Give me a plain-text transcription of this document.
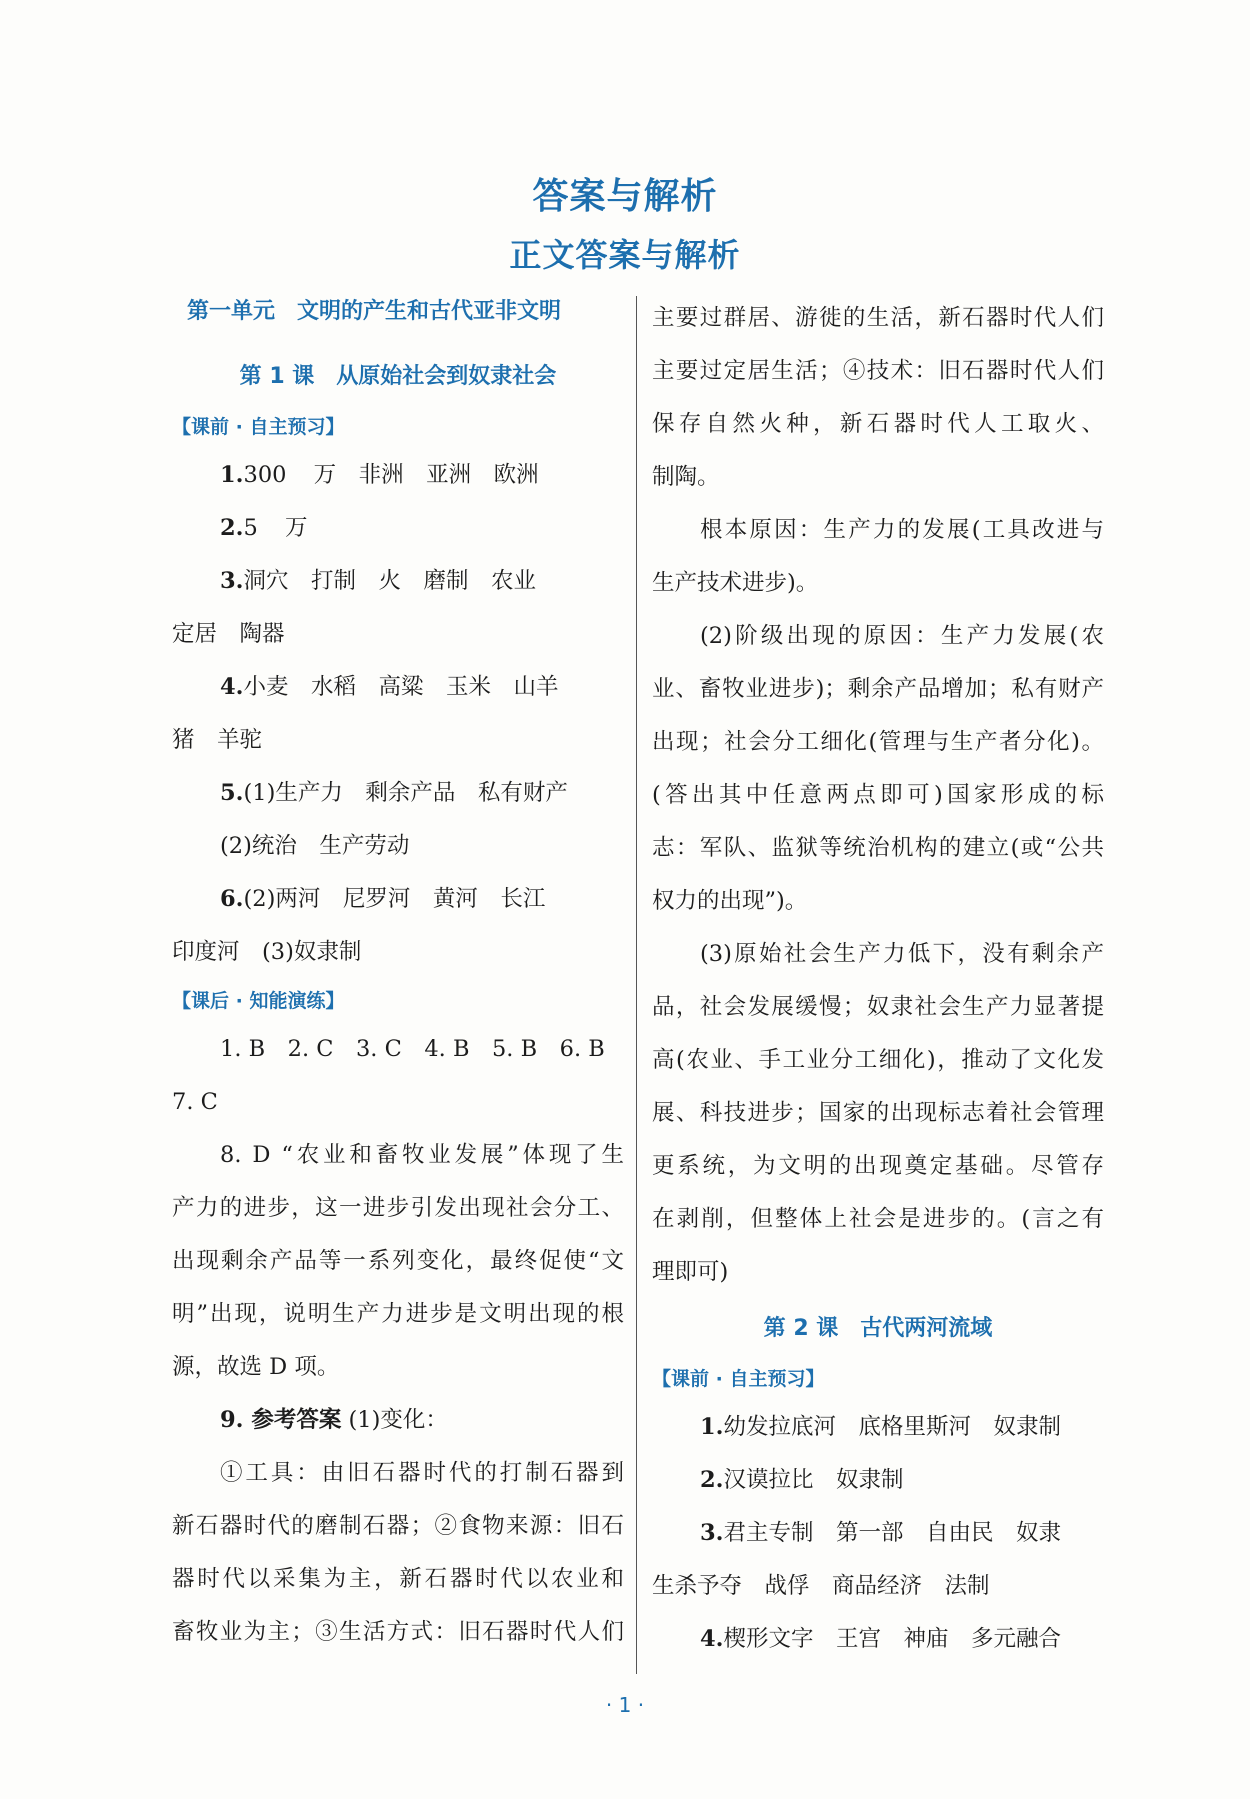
答案与解析
正文答案与解析
第一单元　文明的产生和古代亚非文明
第 1 课　从原始社会到奴隶社会
【课前 · 自主预习】
1.300 万　非洲　亚洲　欧洲
2.5 万
3.洞穴　打制　火　磨制　农业
定居　陶器
4.小麦　水稻　高粱　玉米　山羊
猪　羊驼
5.(1)生产力　剩余产品　私有财产
(2)统治　生产劳动
6.(2)两河　尼罗河　黄河　长江
印度河　(3)奴隶制
【课后 · 知能演练】
1. B　2. C　3. C　4. B　5. B　6. B
7. C
8. D “农业和畜牧业发展”体现了生
产力的进步，这一进步引发出现社会分工、
出现剩余产品等一系列变化，最终促使“文
明”出现，说明生产力进步是文明出现的根
源，故选 D 项。
9. 参考答案 (1)变化：
①工具：由旧石器时代的打制石器到
新石器时代的磨制石器；②食物来源：旧石
器时代以采集为主，新石器时代以农业和
畜牧业为主；③生活方式：旧石器时代人们
主要过群居、游徙的生活，新石器时代人们
主要过定居生活；④技术：旧石器时代人们
保存自然火种，新石器时代人工取火、
制陶。
根本原因：生产力的发展(工具改进与
生产技术进步)。
(2)阶级出现的原因：生产力发展(农
业、畜牧业进步)；剩余产品增加；私有财产
出现；社会分工细化(管理与生产者分化)。
(答出其中任意两点即可)国家形成的标
志：军队、监狱等统治机构的建立(或“公共
权力的出现”)。
(3)原始社会生产力低下，没有剩余产
品，社会发展缓慢；奴隶社会生产力显著提
高(农业、手工业分工细化)，推动了文化发
展、科技进步；国家的出现标志着社会管理
更系统，为文明的出现奠定基础。尽管存
在剥削，但整体上社会是进步的。(言之有
理即可)
第 2 课　古代两河流域
【课前 · 自主预习】
1.幼发拉底河　底格里斯河　奴隶制
2.汉谟拉比　奴隶制
3.君主专制　第一部　自由民　奴隶
生杀予夺　战俘　商品经济　法制
4.楔形文字　王宫　神庙　多元融合
· 1 ·
